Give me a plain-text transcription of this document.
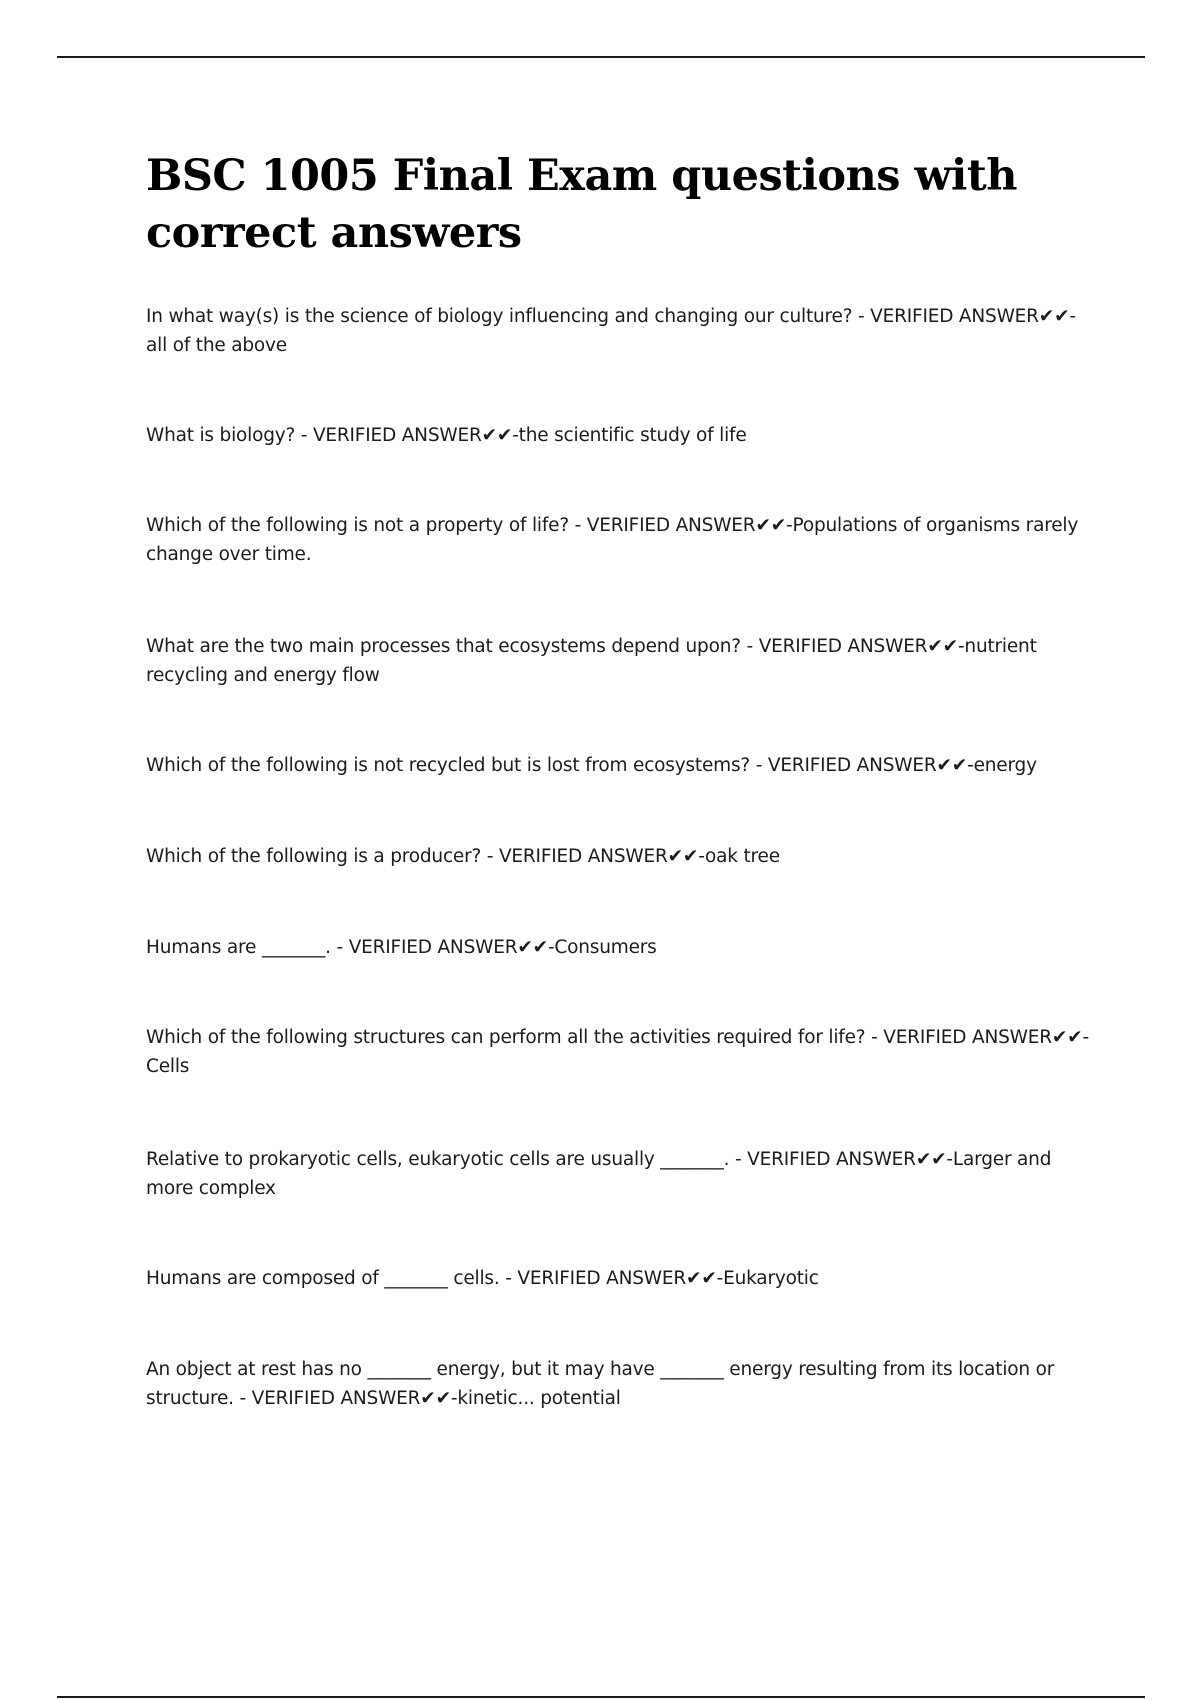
BSC 1005 Final Exam questions with correct answers
In what way(s) is the science of biology influencing and changing our culture? - VERIFIED ANSWER✔✔-all of the above
What is biology? - VERIFIED ANSWER✔✔-the scientific study of life
Which of the following is not a property of life? - VERIFIED ANSWER✔✔-Populations of organisms rarely change over time.
What are the two main processes that ecosystems depend upon? - VERIFIED ANSWER✔✔-nutrient recycling and energy flow
Which of the following is not recycled but is lost from ecosystems? - VERIFIED ANSWER✔✔-energy
Which of the following is a producer? - VERIFIED ANSWER✔✔-oak tree
Humans are _______. - VERIFIED ANSWER✔✔-Consumers
Which of the following structures can perform all the activities required for life? - VERIFIED ANSWER✔✔-Cells
Relative to prokaryotic cells, eukaryotic cells are usually _______. - VERIFIED ANSWER✔✔-Larger and more complex
Humans are composed of _______ cells. - VERIFIED ANSWER✔✔-Eukaryotic
An object at rest has no _______ energy, but it may have _______ energy resulting from its location or structure. - VERIFIED ANSWER✔✔-kinetic... potential
